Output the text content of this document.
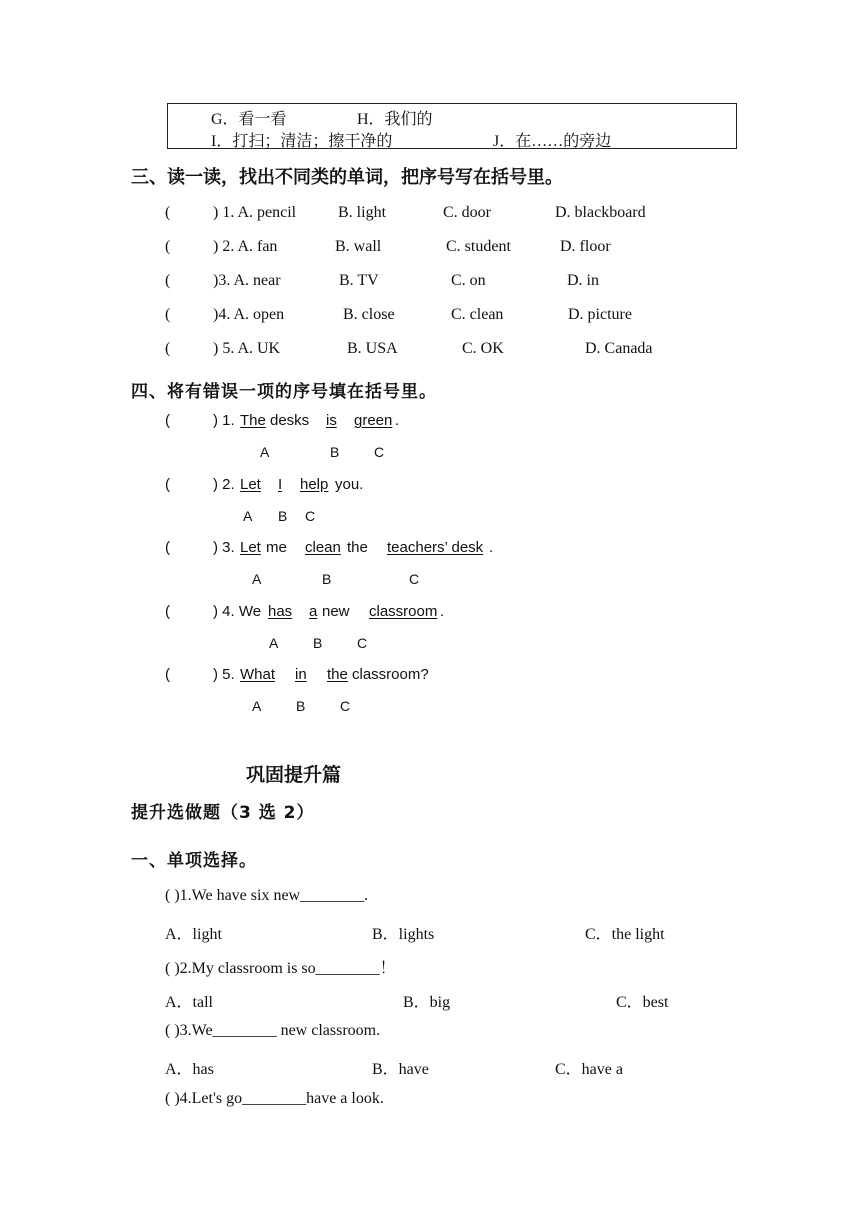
G．看一看	H．我们的
I．打扫；清洁；擦干净的	J．在……的旁边
三、读一读，找出不同类的单词，把序号写在括号里。
(	) 1. A. pencil	B. light	C. door	D. blackboard
(	) 2. A. fan	B. wall	C. student	D. floor
(	)3. A. near	B. TV	C. on	D. in
(	)4. A. open	B. close	C. clean	D. picture
(	) 5. A. UK	B. USA	C. OK	D. Canada
四、将有错误一项的序号填在括号里。
(	) 1. The desks is green .
A	B C
(	) 2. Let I help you.
A B C
(	) 3. Let me clean the teachers’ desk .
A	B	C
(	) 4. We has a new classroom .
A B C
(	) 5. What in the classroom?
A B C
巩固提升篇
提升选做题（3 选 2）
一、单项选择。
( )1.We have six new________.
A．light	B．lights	C．the light
( )2.My classroom is so________！
A．tall	B．big	C．best
( )3.We________ new classroom.
A．has	B．have	C．have a
( )4.Let's go________have a look.
